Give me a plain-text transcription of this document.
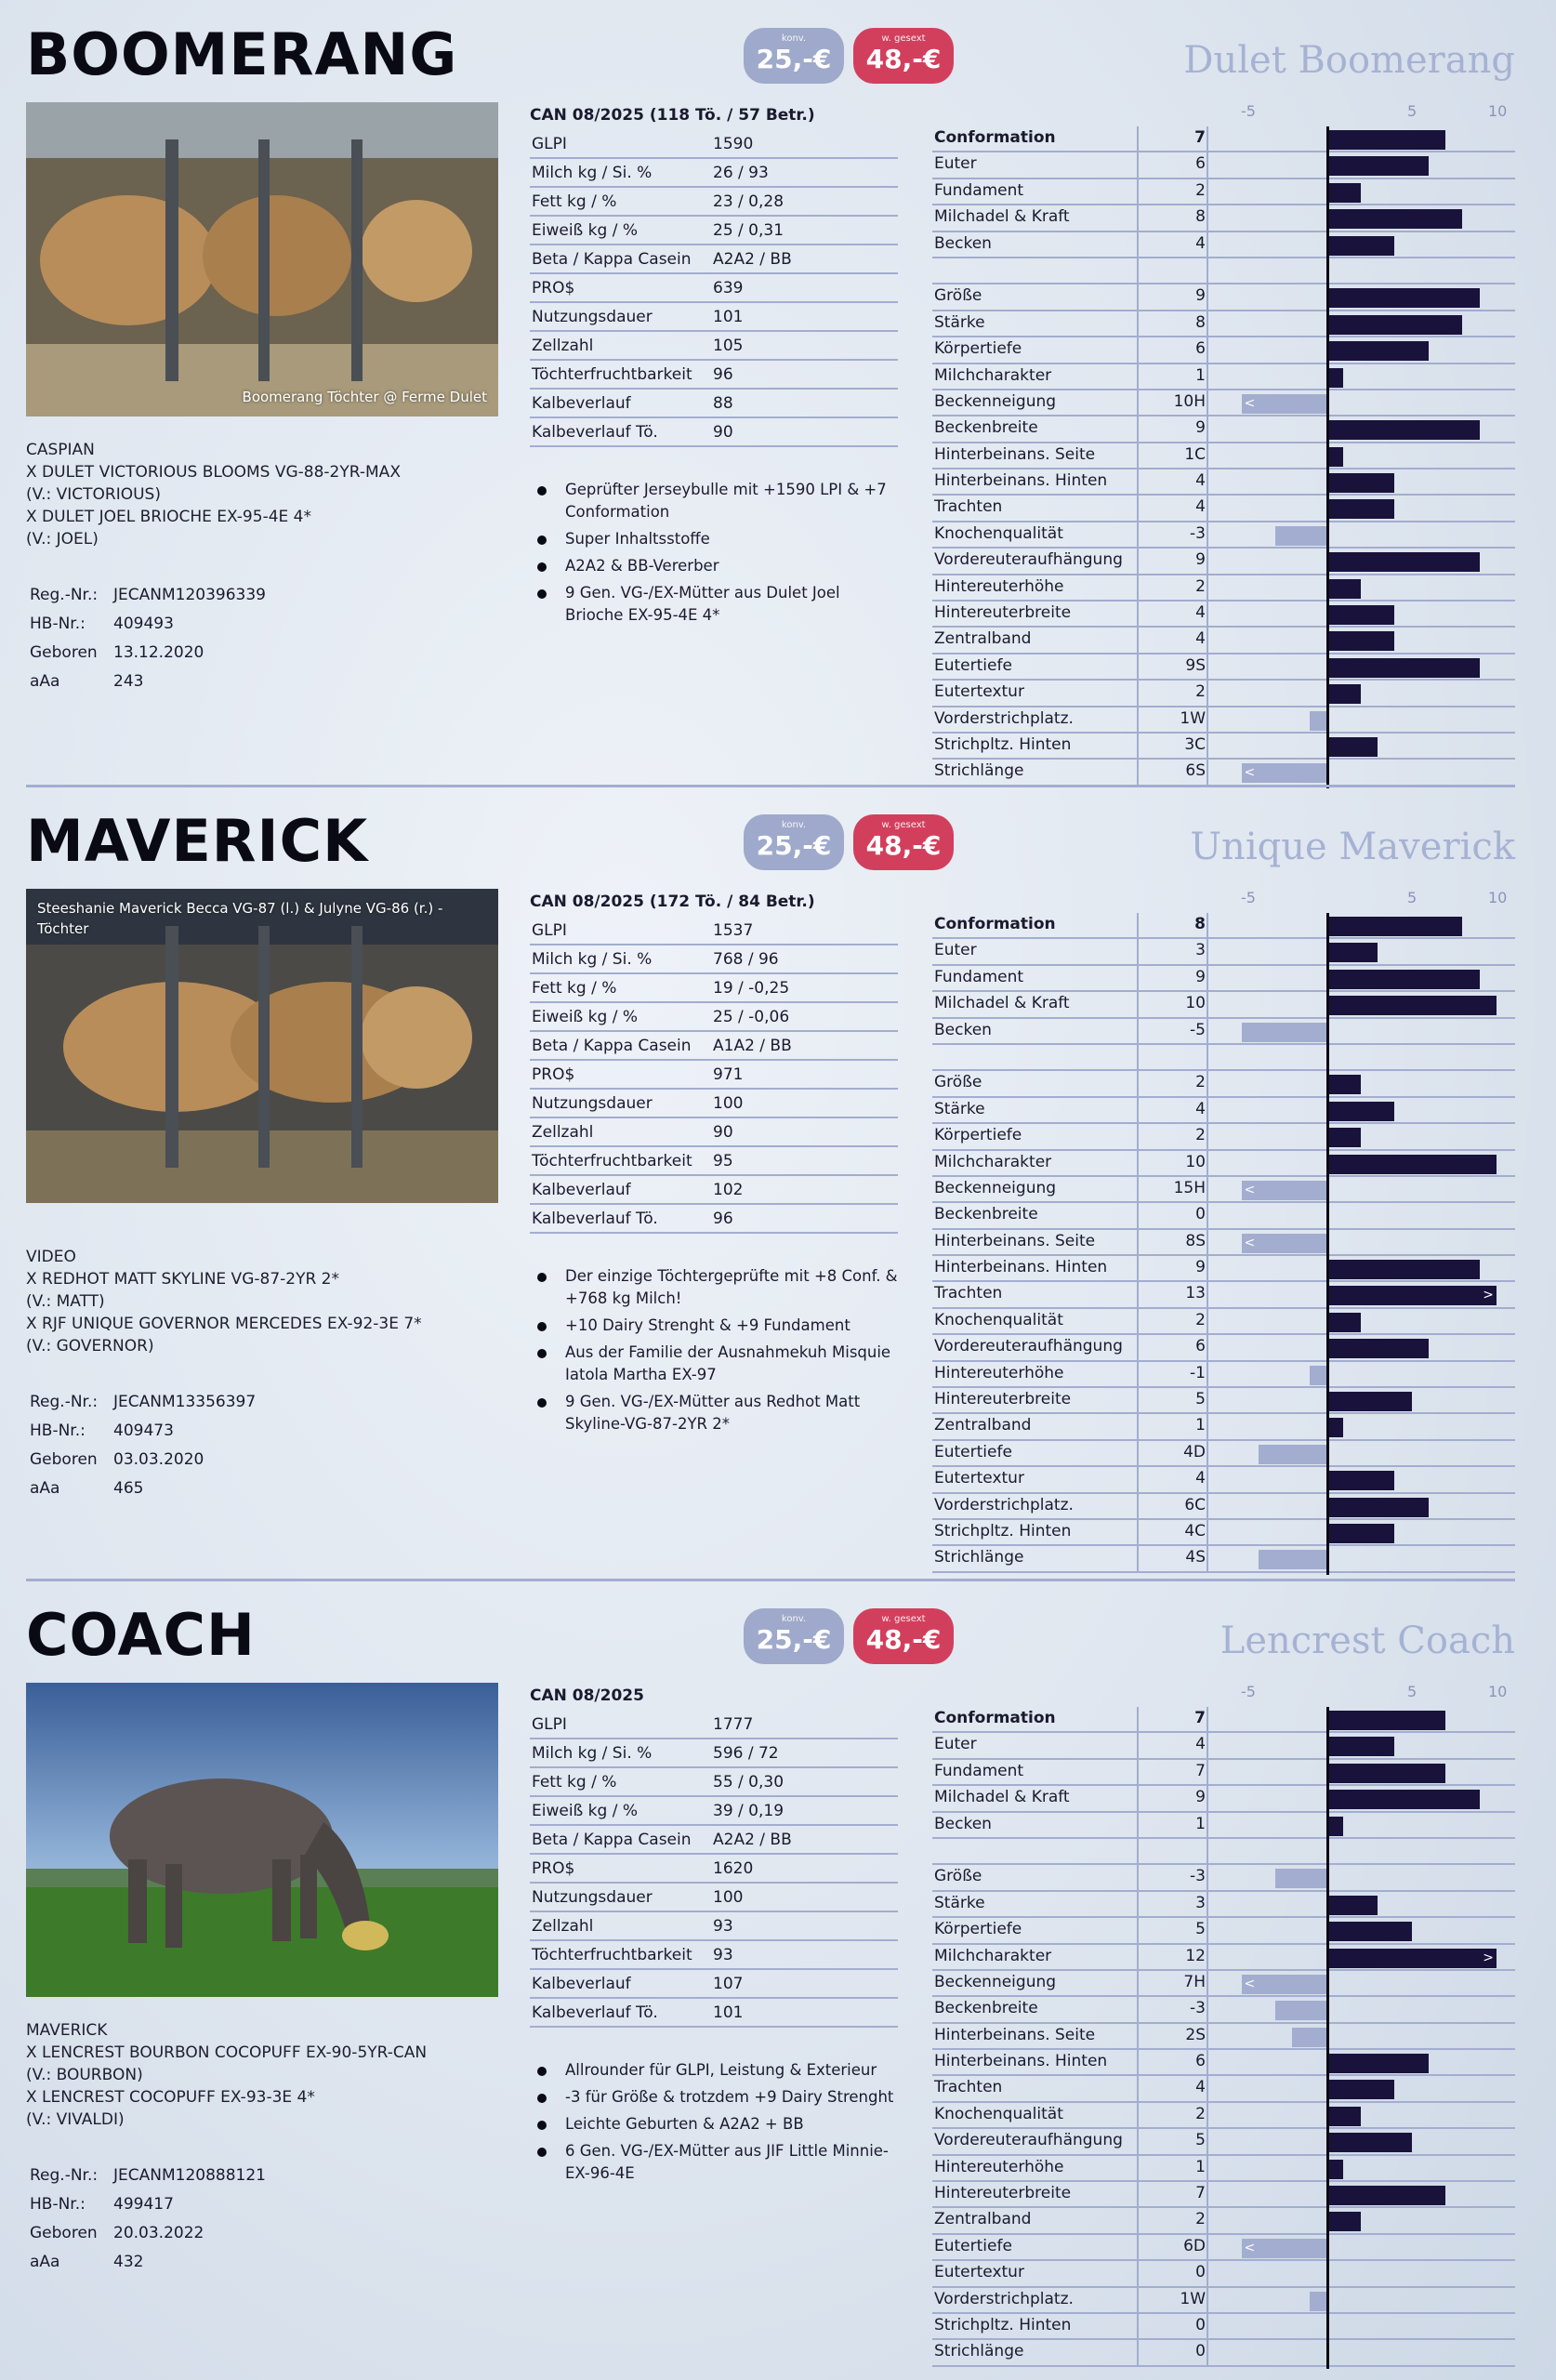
BOOMERANG	konv.
25,-€
w. gesext
48,-€	Dulet Boomerang
Boomerang Töchter @ Ferme Dulet
CASPIAN
X DULET VICTORIOUS BLOOMS VG-88-2YR-MAX
(V.: VICTORIOUS)
X DULET JOEL BRIOCHE EX-95-4E 4*
(V.: JOEL)
Reg.-Nr.: JECANM120396339
HB-Nr.:	409493
Geboren	13.12.2020
aAa	243
CAN 08/2025 (118 Tö. / 57 Betr.)
GLPI	1590
Milch kg / Si. %	26 / 93
Fett kg / %	23 / 0,28
Eiweiß kg / %	25 / 0,31
Beta / Kappa Casein	A2A2 / BB
PRO$	639
Nutzungsdauer	101
Zellzahl	105
Töchterfruchtbarkeit	96
Kalbeverlauf	88
Kalbeverlauf Tö.	90
Geprüfter Jerseybulle mit +1590 LPI & +7 Conformation
Super Inhaltsstoffe
A2A2 & BB-Vererber
9 Gen. VG-/EX-Mütter aus Dulet Joel Brioche EX-95-4E 4*
-5	5	10
Conformation	7
Euter	6
Fundament	2
Milchadel & Kraft	8
Becken	4
Größe	9
Stärke	8
Körpertiefe	6
Milchcharakter	1
Beckenneigung	10H	<
Beckenbreite	9
Hinterbeinans. Seite	1C
Hinterbeinans. Hinten	4
Trachten	4
Knochenqualität	-3
Vordereuteraufhängung	9
Hintereuterhöhe	2
Hintereuterbreite	4
Zentralband	4
Eutertiefe	9S
Eutertextur	2
Vorderstrichplatz.	1W
Strichpltz. Hinten	3C
Strichlänge	6S	<
MAVERICK	konv.
25,-€
w. gesext
48,-€	Unique Maverick
Steeshanie Maverick Becca VG-87 (l.) & Julyne VG-86 (r.) - Töchter
VIDEO
X REDHOT MATT SKYLINE VG-87-2YR 2*
(V.: MATT)
X RJF UNIQUE GOVERNOR MERCEDES EX-92-3E 7*
(V.: GOVERNOR)
Reg.-Nr.: JECANM13356397
HB-Nr.:	409473
Geboren	03.03.2020
aAa	465
CAN 08/2025 (172 Tö. / 84 Betr.)
GLPI	1537
Milch kg / Si. %	768 / 96
Fett kg / %	19 / -0,25
Eiweiß kg / %	25 / -0,06
Beta / Kappa Casein	A1A2 / BB
PRO$	971
Nutzungsdauer	100
Zellzahl	90
Töchterfruchtbarkeit	95
Kalbeverlauf	102
Kalbeverlauf Tö.	96
Der einzige Töchtergeprüfte mit +8 Conf. & +768 kg Milch!
+10 Dairy Strenght & +9 Fundament
Aus der Familie der Ausnahmekuh Misquie Iatola Martha EX-97
9 Gen. VG-/EX-Mütter aus Redhot Matt Skyline-VG-87-2YR 2*
-5	5	10
Conformation	8
Euter	3
Fundament	9
Milchadel & Kraft	10
Becken	-5
Größe	2
Stärke	4
Körpertiefe	2
Milchcharakter	10
Beckenneigung	15H	<
Beckenbreite	0
Hinterbeinans. Seite	8S	<
Hinterbeinans. Hinten	9
Trachten	13	>
Knochenqualität	2
Vordereuteraufhängung	6
Hintereuterhöhe	-1
Hintereuterbreite	5
Zentralband	1
Eutertiefe	4D
Eutertextur	4
Vorderstrichplatz.	6C
Strichpltz. Hinten	4C
Strichlänge	4S
COACH	konv.
25,-€
w. gesext
48,-€	Lencrest Coach
MAVERICK
X LENCREST BOURBON COCOPUFF EX-90-5YR-CAN
(V.: BOURBON)
X LENCREST COCOPUFF EX-93-3E 4*
(V.: VIVALDI)
Reg.-Nr.: JECANM120888121
HB-Nr.:	499417
Geboren	20.03.2022
aAa	432
CAN 08/2025
GLPI	1777
Milch kg / Si. %	596 / 72
Fett kg / %	55 / 0,30
Eiweiß kg / %	39 / 0,19
Beta / Kappa Casein	A2A2 / BB
PRO$	1620
Nutzungsdauer	100
Zellzahl	93
Töchterfruchtbarkeit	93
Kalbeverlauf	107
Kalbeverlauf Tö.	101
Allrounder für GLPI, Leistung & Exterieur
-3 für Größe & trotzdem +9 Dairy Strenght
Leichte Geburten & A2A2 + BB
6 Gen. VG-/EX-Mütter aus JIF Little Minnie-EX-96-4E
-5	5	10
Conformation	7
Euter	4
Fundament	7
Milchadel & Kraft	9
Becken	1
Größe	-3
Stärke	3
Körpertiefe	5
Milchcharakter	12	>
Beckenneigung	7H	<
Beckenbreite	-3
Hinterbeinans. Seite	2S
Hinterbeinans. Hinten	6
Trachten	4
Knochenqualität	2
Vordereuteraufhängung	5
Hintereuterhöhe	1
Hintereuterbreite	7
Zentralband	2
Eutertiefe	6D	<
Eutertextur	0
Vorderstrichplatz.	1W
Strichpltz. Hinten	0
Strichlänge	0
